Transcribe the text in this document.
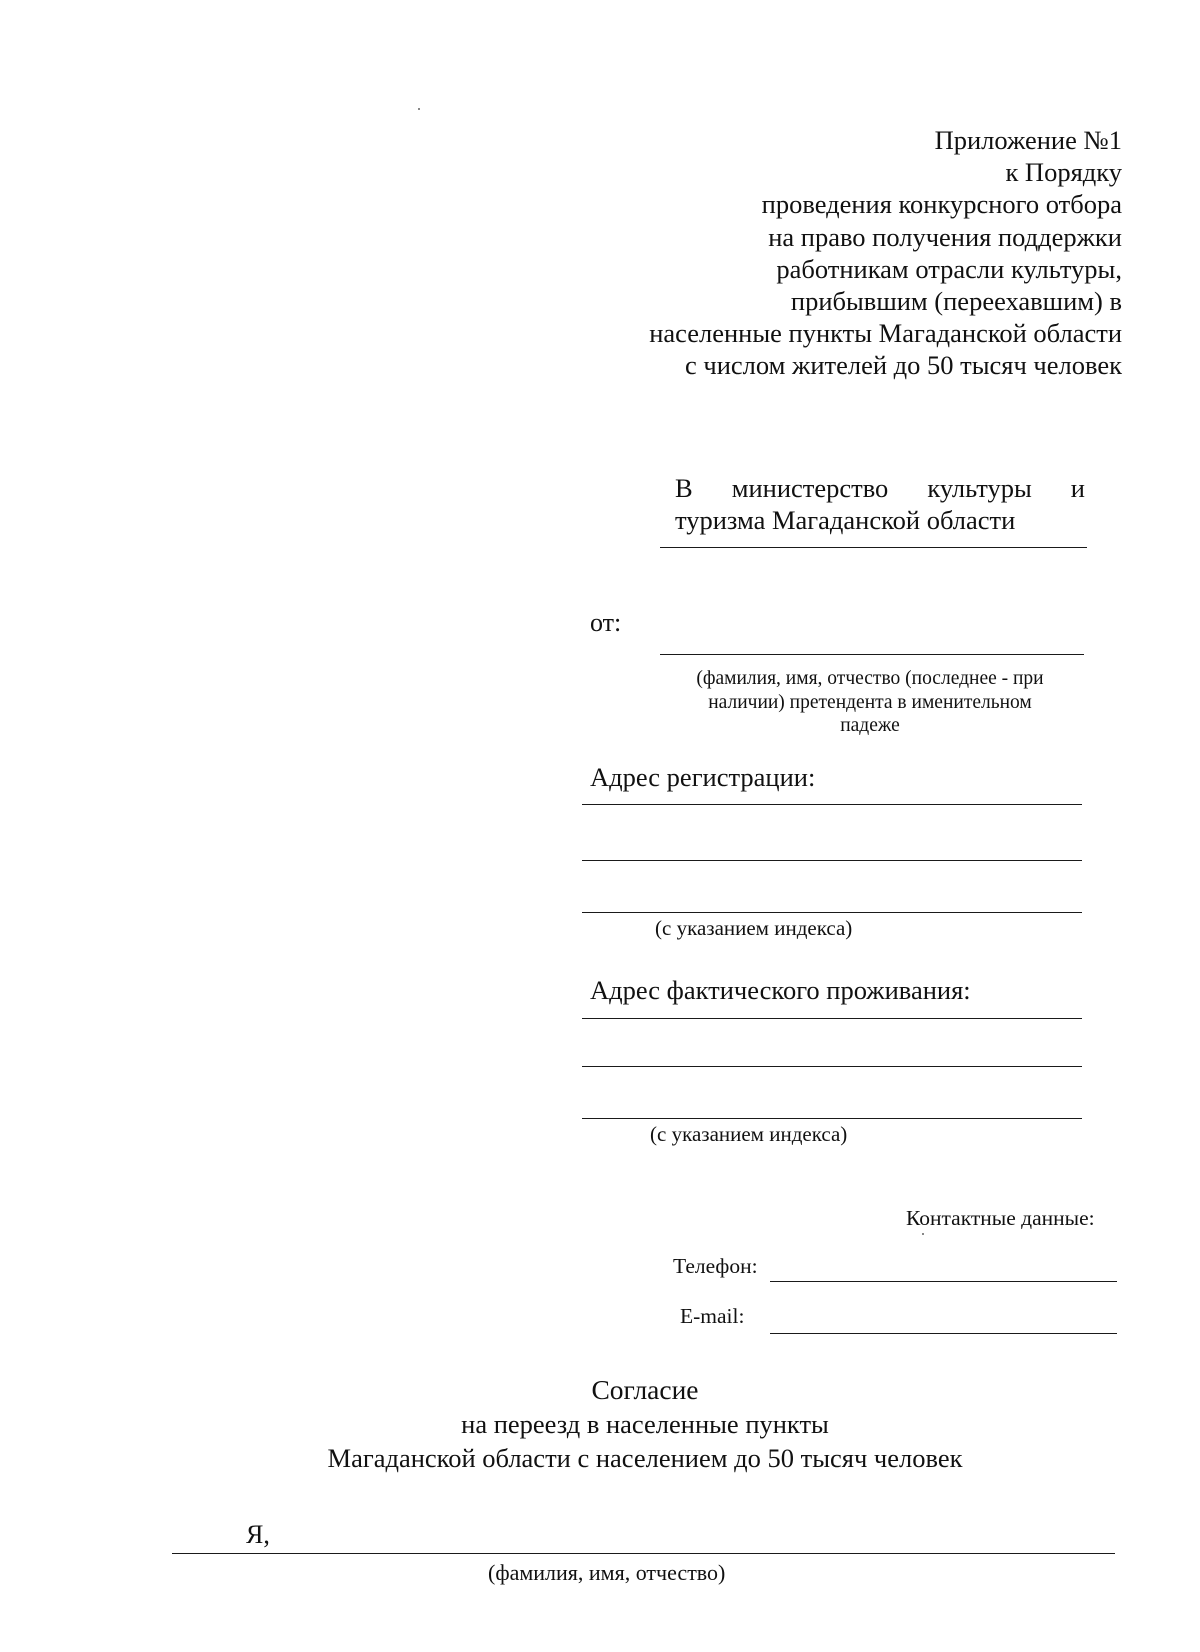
Приложение №1
к Порядку
проведения конкурсного отбора
на право получения поддержки
работникам отрасли культуры,
прибывшим (переехавшим) в
населенные пункты Магаданской области
с числом жителей до 50 тысяч человек
В министерство культуры и
туризма Магаданской области
от:
(фамилия, имя, отчество (последнее - при
наличии) претендента в именительном
падеже
Адрес регистрации:
(с указанием индекса)
Адрес фактического проживания:
(с указанием индекса)
Контактные данные:
Телефон:
E-mail:
Согласие
на переезд в населенные пункты
Магаданской области с населением до 50 тысяч человек
Я,
(фамилия, имя, отчество)
